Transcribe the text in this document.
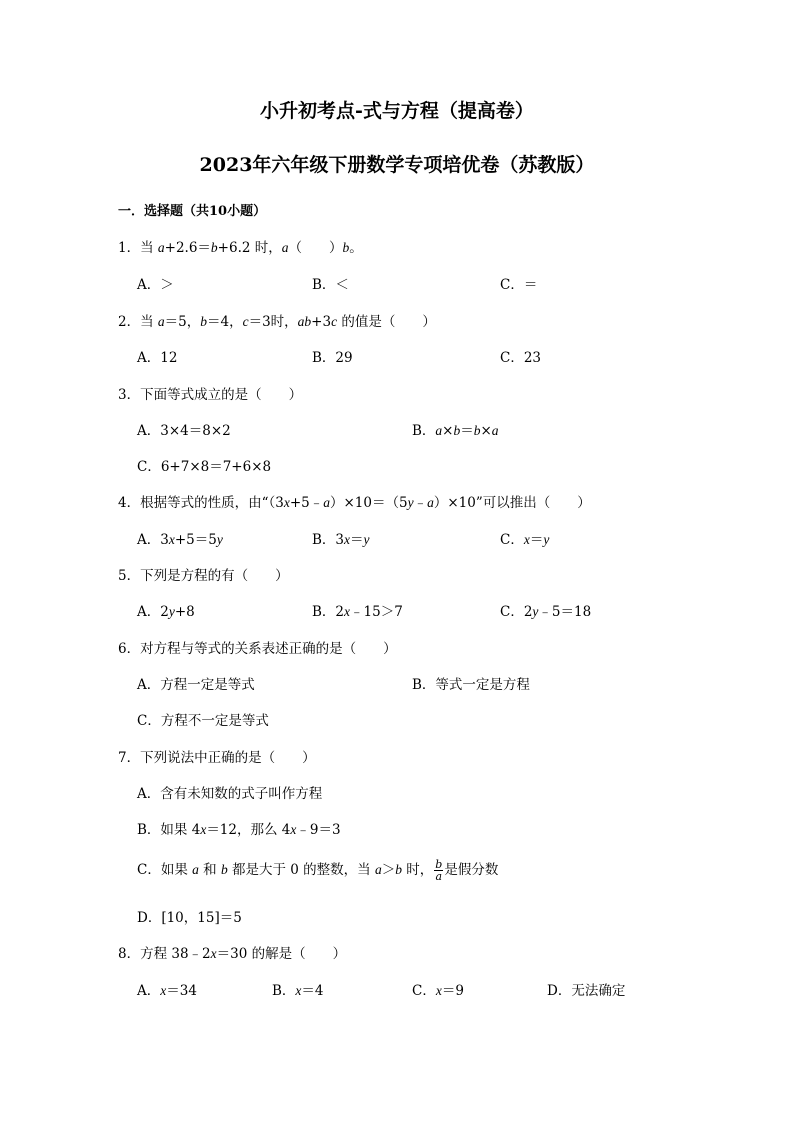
小升初考点-式与方程（提高卷）
2023年六年级下册数学专项培优卷（苏教版）
一．选择题（共10小题）
1．当 a+2.6＝b+6.2 时，a（　　）b。
A．＞	B．＜	C．＝
2．当 a＝5，b＝4，c＝3时，ab+3c 的值是（　　）
A．12	B．29	C．23
3．下面等式成立的是（　　）
A．3×4＝8×2	B．a×b＝b×a
C．6+7×8＝7+6×8
4．根据等式的性质，由“（3x+5﹣a）×10＝（5y﹣a）×10”可以推出（　　）
A．3x+5＝5y	B．3x＝y	C．x＝y
5．下列是方程的有（　　）
A．2y+8	B．2x﹣15＞7	C．2y﹣5＝18
6．对方程与等式的关系表述正确的是（　　）
A．方程一定是等式	B．等式一定是方程
C．方程不一定是等式
7．下列说法中正确的是（　　）
A．含有未知数的式子叫作方程
B．如果 4x＝12，那么 4x﹣9＝3
C．如果 a 和 b 都是大于 0 的整数，当 a＞b 时， $\frac{b}{a}$ 是假分数
D．[10，15]＝5
8．方程 38﹣2x＝30 的解是（　　）
A．x＝34	B．x＝4	C．x＝9	D．无法确定
